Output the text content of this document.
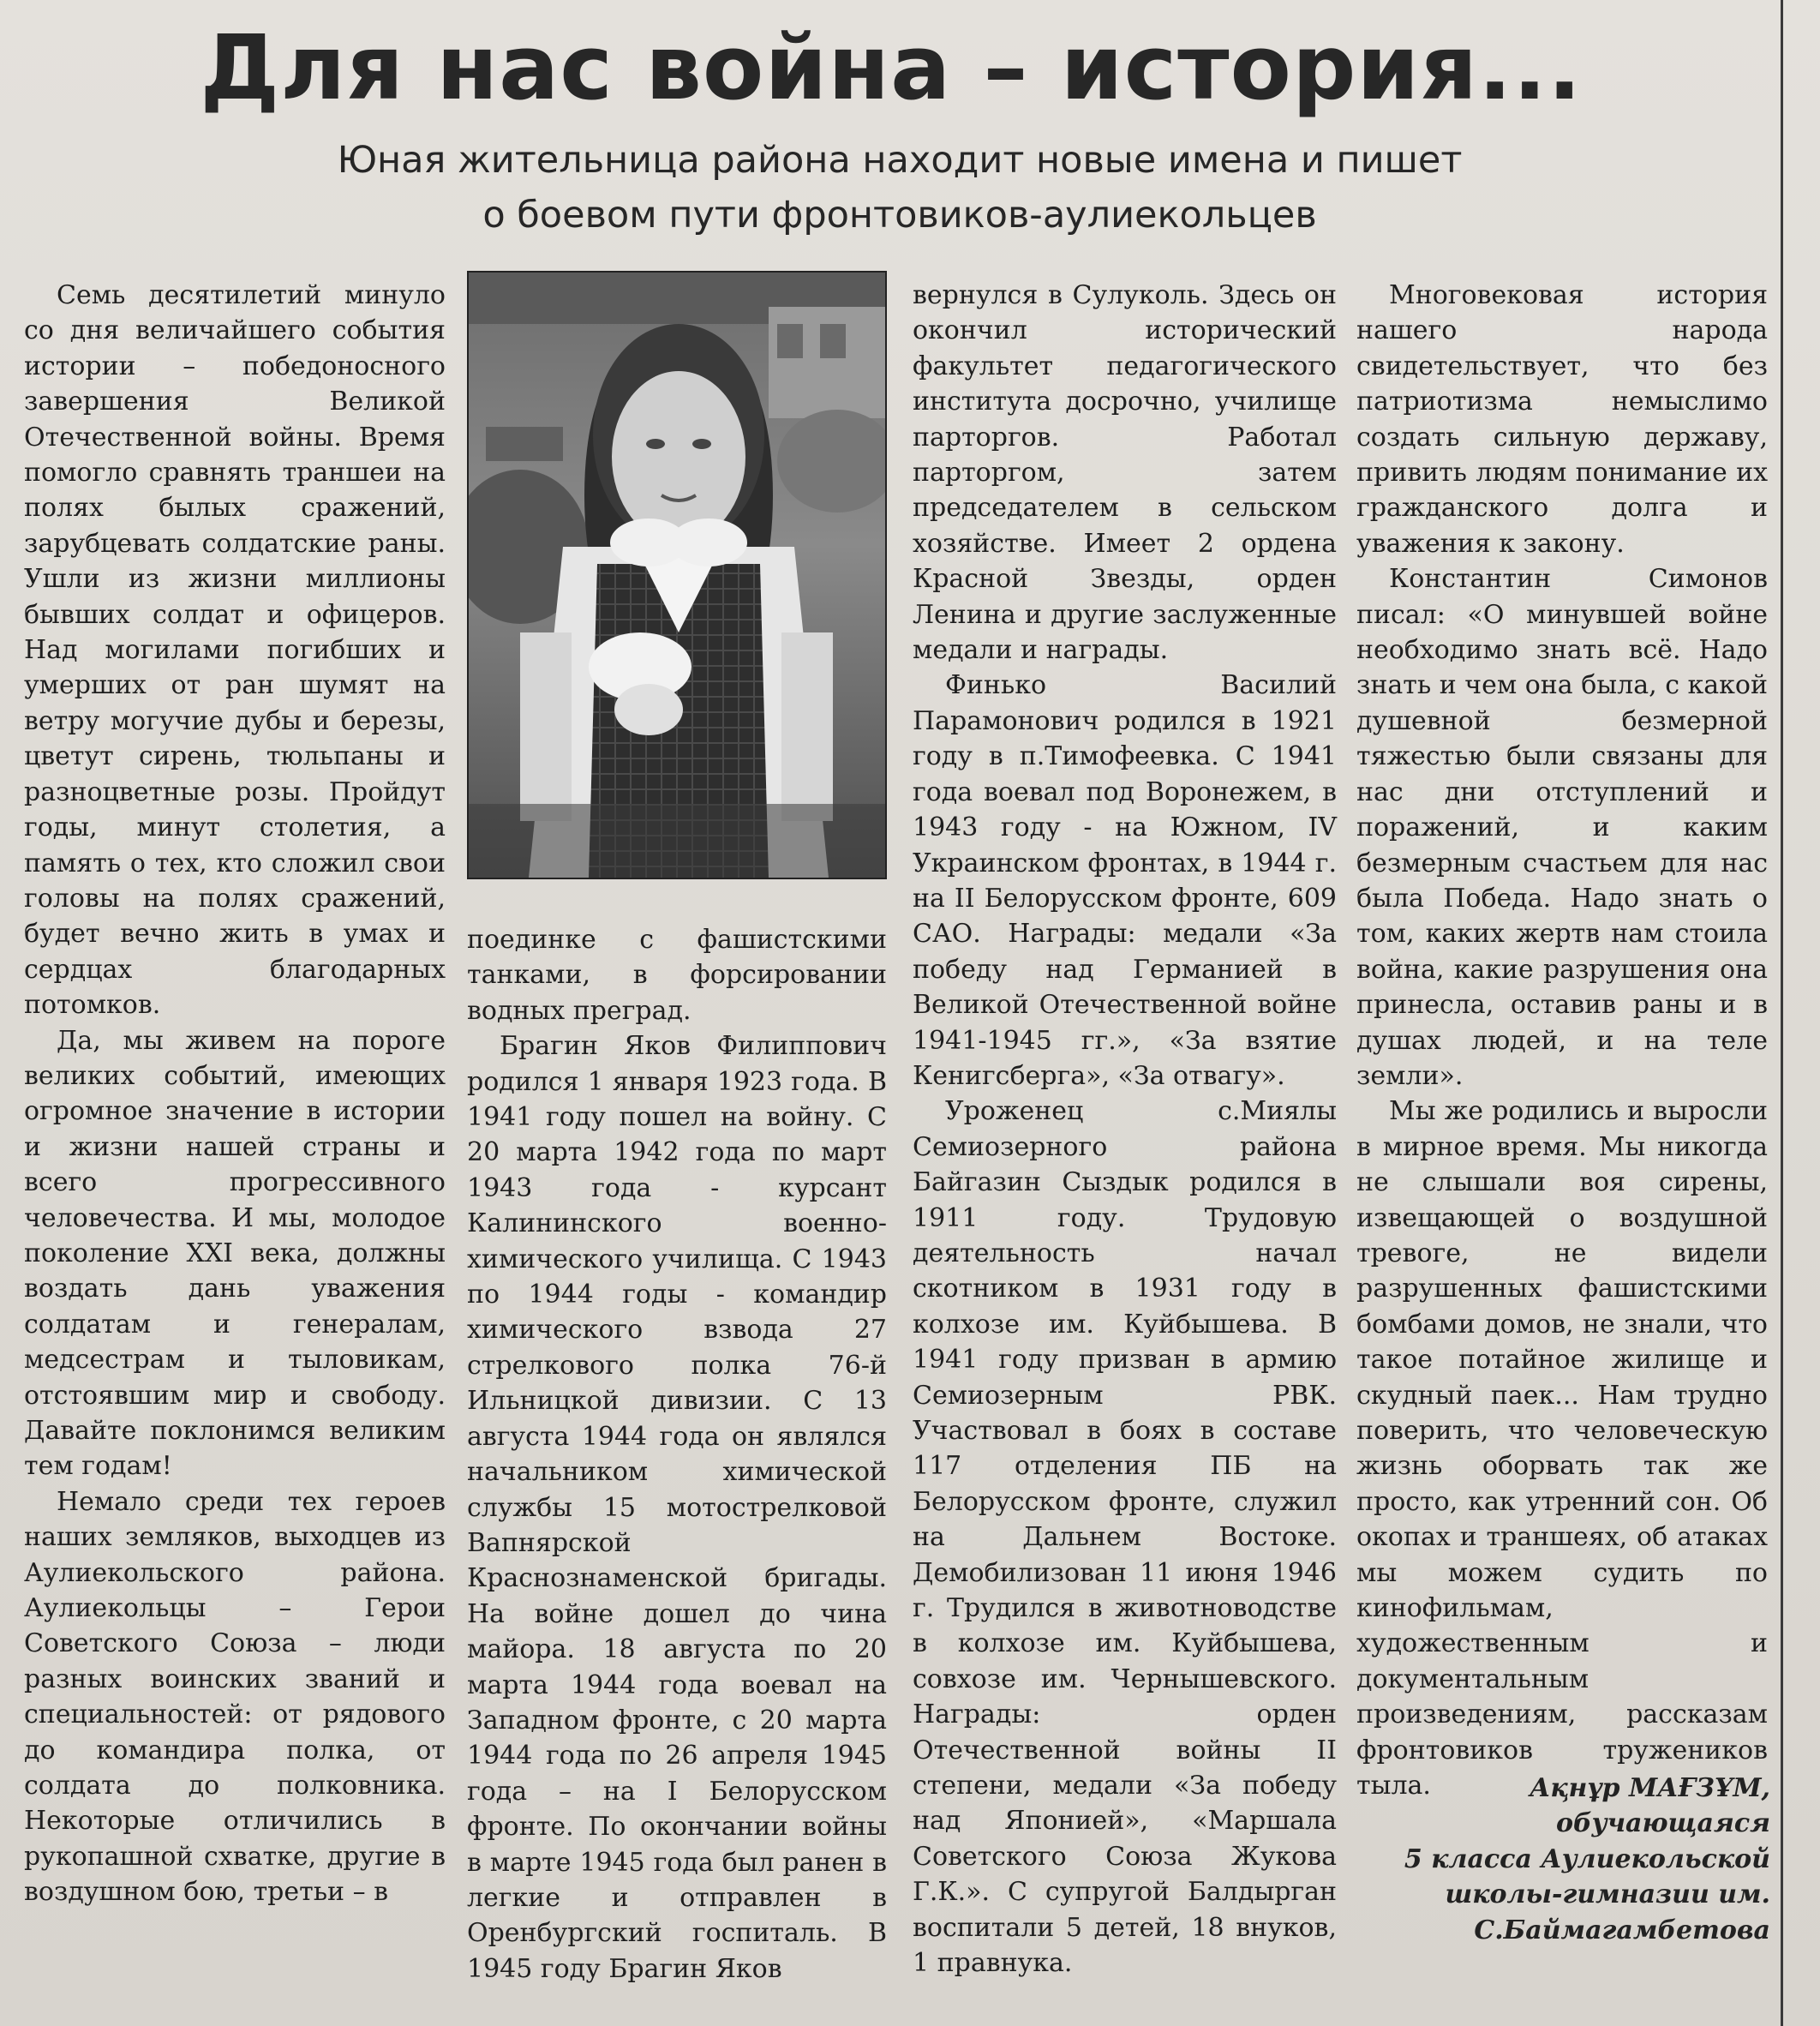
Для нас война – история...
Юная жительница района находит новые имена и пишет
о боевом пути фронтовиков-аулиекольцев

Семь десятилетий минуло со дня величайшего события истории – победоносного завершения Великой Отечественной войны. Время помогло сравнять траншеи на полях былых сражений, зарубцевать солдатские раны. Ушли из жизни миллионы бывших солдат и офицеров. Над могилами погибших и умерших от ран шумят на ветру могучие дубы и березы, цветут сирень, тюльпаны и разноцветные розы. Пройдут годы, минут столетия, а память о тех, кто сложил свои головы на полях сражений, будет вечно жить в умах и сердцах благодарных потомков.

Да, мы живем на пороге великих событий, имеющих огромное значение в истории и жизни нашей страны и всего прогрессивного человечества. И мы, молодое поколение XXI века, должны воздать дань уважения солдатам и генералам, медсестрам и тыловикам, отстоявшим мир и свободу. Давайте поклонимся великим тем годам!

Немало среди тех героев наших земляков, выходцев из Аулиекольского района. Аулиекольцы – Герои Советского Союза – люди разных воинских званий и специальностей: от рядового до командира полка, от солдата до полковника. Некоторые отличились в рукопашной схватке, другие в воздушном бою, третьи – в

поединке с фашистскими танками, в форсировании водных преград.

Брагин Яков Филиппович родился 1 января 1923 года. В 1941 году пошел на войну. С 20 марта 1942 года по март 1943 года - курсант Калининского военно-химического училища. С 1943 по 1944 годы - командир химического взвода 27 стрелкового полка 76-й Ильницкой дивизии. С 13 августа 1944 года он являлся начальником химической службы 15 мотострелковой Вапнярской Краснознаменской бригады. На войне дошел до чина майора. 18 августа по 20 марта 1944 года воевал на Западном фронте, с 20 марта 1944 года по 26 апреля 1945 года – на I Белорусском фронте. По окончании войны в марте 1945 года был ранен в легкие и отправлен в Оренбургский госпиталь. В 1945 году Брагин Яков

вернулся в Сулуколь. Здесь он окончил исторический факультет педагогического института досрочно, училище парторгов. Работал парторгом, затем председателем в сельском хозяйстве. Имеет 2 ордена Красной Звезды, орден Ленина и другие заслуженные медали и награды.

Финько Василий Парамонович родился в 1921 году в п.Тимофеевка. С 1941 года воевал под Воронежем, в 1943 году - на Южном, IV Украинском фронтах, в 1944 г. на II Белорусском фронте, 609 САО. Награды: медали «За победу над Германией в Великой Отечественной войне 1941-1945 гг.», «За взятие Кенигсберга», «За отвагу».

Уроженец с.Миялы Семиозерного района Байгазин Сыздык родился в 1911 году. Трудовую деятельность начал скотником в 1931 году в колхозе им. Куйбышева. В 1941 году призван в армию Семиозерным РВК. Участвовал в боях в составе 117 отделения ПБ на Белорусском фронте, служил на Дальнем Востоке. Демобилизован 11 июня 1946 г. Трудился в животноводстве в колхозе им. Куйбышева, совхозе им. Чернышевского. Награды: орден Отечественной войны II степени, медали «За победу над Японией», «Маршала Советского Союза Жукова Г.К.». С супругой Балдырган воспитали 5 детей, 18 внуков, 1 правнука.

Многовековая история нашего народа свидетельствует, что без патриотизма немыслимо создать сильную державу, привить людям понимание их гражданского долга и уважения к закону.

Константин Симонов писал: «О минувшей войне необходимо знать всё. Надо знать и чем она была, с какой душевной безмерной тяжестью были связаны для нас дни отступлений и поражений, и каким безмерным счастьем для нас была Победа. Надо знать о том, каких жертв нам стоила война, какие разрушения она принесла, оставив раны и в душах людей, и на теле земли».

Мы же родились и выросли в мирное время. Мы никогда не слышали воя сирены, извещающей о воздушной тревоге, не видели разрушенных фашистскими бомбами домов, не знали, что такое потайное жилище и скудный паек... Нам трудно поверить, что человеческую жизнь оборвать так же просто, как утренний сон. Об окопах и траншеях, об атаках мы можем судить по кинофильмам, художественным и документальным произведениям, рассказам фронтовиков тружеников тыла.	Ақнұр МАҒЗҰМ,
обучающаяся
5 класса Аулиекольской
школы-гимназии им.
С.Баймагамбетова
